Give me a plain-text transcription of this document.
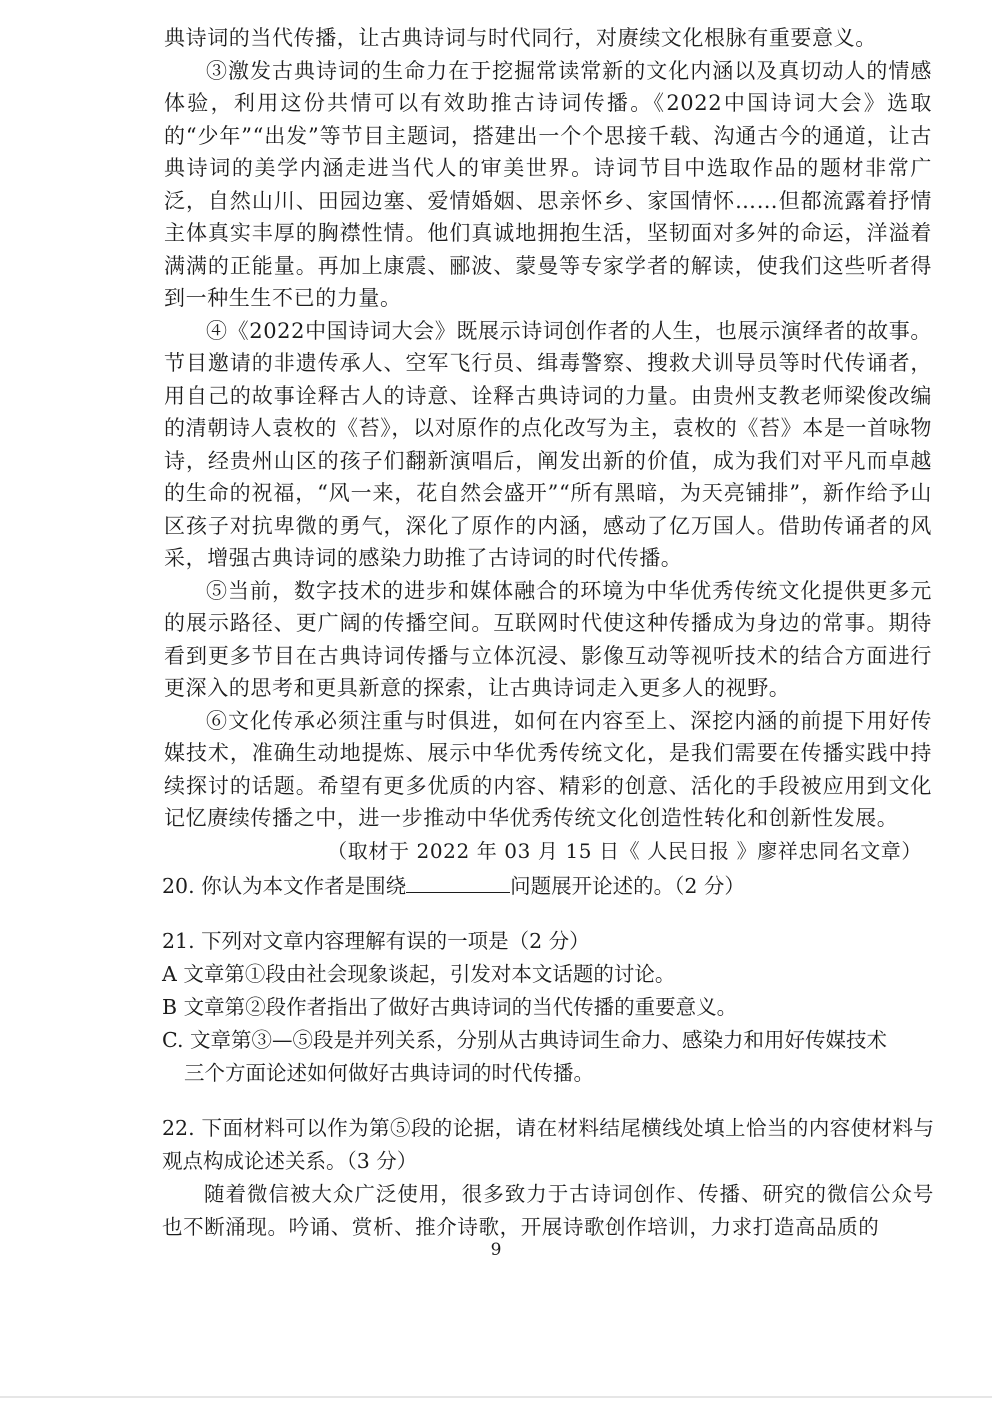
典诗词的当代传播，让古典诗词与时代同行，对赓续文化根脉有重要意义。

③激发古典诗词的生命力在于挖掘常读常新的文化内涵以及真切动人的情感体验，利用这份共情可以有效助推古诗词传播。《2022中国诗词大会》选取的“少年”“出发”等节目主题词，搭建出一个个思接千载、沟通古今的通道，让古典诗词的美学内涵走进当代人的审美世界。诗词节目中选取作品的题材非常广泛，自然山川、田园边塞、爱情婚姻、思亲怀乡、家国情怀……但都流露着抒情主体真实丰厚的胸襟性情。他们真诚地拥抱生活，坚韧面对多舛的命运，洋溢着满满的正能量。再加上康震、郦波、蒙曼等专家学者的解读，使我们这些听者得到一种生生不已的力量。

④《2022中国诗词大会》既展示诗词创作者的人生，也展示演绎者的故事。节目邀请的非遗传承人、空军飞行员、缉毒警察、搜救犬训导员等时代传诵者，用自己的故事诠释古人的诗意、诠释古典诗词的力量。由贵州支教老师梁俊改编的清朝诗人袁枚的《苔》，以对原作的点化改写为主，袁枚的《苔》本是一首咏物诗，经贵州山区的孩子们翻新演唱后，阐发出新的价值，成为我们对平凡而卓越的生命的祝福，“风一来，花自然会盛开”“所有黑暗，为天亮铺排”，新作给予山区孩子对抗卑微的勇气，深化了原作的内涵，感动了亿万国人。借助传诵者的风采，增强古典诗词的感染力助推了古诗词的时代传播。

⑤当前，数字技术的进步和媒体融合的环境为中华优秀传统文化提供更多元的展示路径、更广阔的传播空间。互联网时代使这种传播成为身边的常事。期待看到更多节目在古典诗词传播与立体沉浸、影像互动等视听技术的结合方面进行更深入的思考和更具新意的探索，让古典诗词走入更多人的视野。

⑥文化传承必须注重与时俱进，如何在内容至上、深挖内涵的前提下用好传媒技术，准确生动地提炼、展示中华优秀传统文化，是我们需要在传播实践中持续探讨的话题。希望有更多优质的内容、精彩的创意、活化的手段被应用到文化记忆赓续传播之中，进一步推动中华优秀传统文化创造性转化和创新性发展。

（取材于 2022 年 03 月 15 日《 人民日报 》廖祥忠同名文章）

20. 你认为本文作者是围绕	问题展开论述的。（2 分）

21. 下列对文章内容理解有误的一项是（2 分）

A 文章第①段由社会现象谈起，引发对本文话题的讨论。

B 文章第②段作者指出了做好古典诗词的当代传播的重要意义。

C. 文章第③—⑤段是并列关系，分别从古典诗词生命力、感染力和用好传媒技术

三个方面论述如何做好古典诗词的时代传播。

22. 下面材料可以作为第⑤段的论据，请在材料结尾横线处填上恰当的内容使材料与观点构成论述关系。（3 分）

随着微信被大众广泛使用，很多致力于古诗词创作、传播、研究的微信公众号也不断涌现。吟诵、赏析、推介诗歌，开展诗歌创作培训，力求打造高品质的

9
